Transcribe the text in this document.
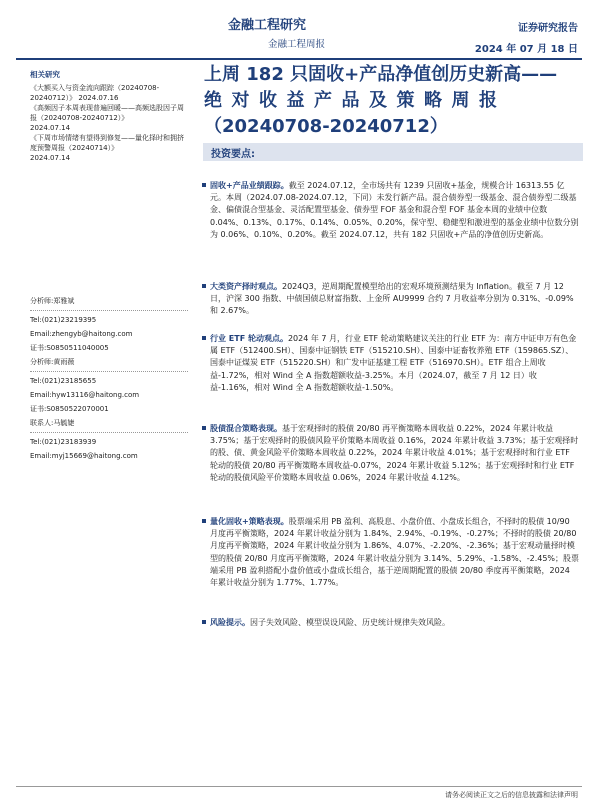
金融工程研究
金融工程周报
证券研究报告
2024 年 07 月 18 日
上周 182 只固收+产品净值创历史新高——
绝对收益产品及策略周报
（20240708-20240712）
相关研究
《大额买入与资金流向跟踪（20240708-20240712）》 2024.07.16
《高频因子本周表现普遍回暖——高频选股因子周报（20240708-20240712）》
2024.07.14
《下周市场情绪有望得到修复——量化择时和拥挤度预警周报（20240714）》
2024.07.14
分析师:郑雅斌
Tel:(021)23219395
Email:zhengyb@haitong.com
证书:S0850511040005
分析师:黄雨薇
Tel:(021)23185655
Email:hyw13116@haitong.com
证书:S0850522070001
联系人:马毓婕
Tel:(021)23183939
Email:myj15669@haitong.com
投资要点:
固收+产品业绩跟踪。截至 2024.07.12，全市场共有 1239 只固收+基金，规模合计 16313.55 亿元。本周（2024.07.08-2024.07.12，下同）未发行新产品。混合债券型一级基金、混合债券型二级基金、偏债混合型基金、灵活配置型基金、债券型 FOF 基金和混合型 FOF 基金本周的业绩中位数 0.04%、0.13%、0.17%、0.14%、0.05%、0.20%，保守型、稳健型和激进型的基金业绩中位数分别为 0.06%、0.10%、0.20%。截至 2024.07.12，共有 182 只固收+产品的净值创历史新高。
大类资产择时观点。2024Q3，逆周期配置模型给出的宏观环境预测结果为 Inflation。截至 7 月 12 日，沪深 300 指数、中债国债总财富指数、上金所 AU9999 合约 7 月收益率分别为 0.31%、-0.09%和 2.67%。
行业 ETF 轮动观点。2024 年 7 月，行业 ETF 轮动策略建议关注的行业 ETF 为：南方中证申万有色金属 ETF（512400.SH）、国泰中证钢铁 ETF（515210.SH）、国泰中证畜牧养殖 ETF（159865.SZ）、国泰中证煤炭 ETF（515220.SH）和广发中证基建工程 ETF（516970.SH）。ETF 组合上周收益-1.72%，相对 Wind 全 A 指数超额收益-3.25%。本月（2024.07，截至 7 月 12 日）收益-1.16%，相对 Wind 全 A 指数超额收益-1.50%。
股债混合策略表现。基于宏观择时的股债 20/80 再平衡策略本周收益 0.22%，2024 年累计收益 3.75%；基于宏观择时的股债风险平价策略本周收益 0.16%，2024 年累计收益 3.73%；基于宏观择时的股、债、黄金风险平价策略本周收益 0.22%，2024 年累计收益 4.01%；基于宏观择时和行业 ETF 轮动的股债 20/80 再平衡策略本周收益-0.07%，2024 年累计收益 5.12%；基于宏观择时和行业 ETF 轮动的股债风险平价策略本周收益 0.06%，2024 年累计收益 4.12%。
量化固收+策略表现。股票端采用 PB 盈利、高股息、小盘价值、小盘成长组合，不择时的股债 10/90 月度再平衡策略，2024 年累计收益分别为 1.84%、2.94%、-0.19%、-0.27%；不择时的股债 20/80 月度再平衡策略，2024 年累计收益分别为 1.86%、4.07%、-2.20%、-2.36%；基于宏观动量择时模型的股债 20/80 月度再平衡策略，2024 年累计收益分别为 3.14%、5.29%、-1.58%、-2.45%；股票端采用 PB 盈利搭配小盘价值或小盘成长组合，基于逆周期配置的股债 20/80 季度再平衡策略，2024 年累计收益分别为 1.77%、1.77%。
风险提示。因子失效风险、模型误设风险、历史统计规律失效风险。
请务必阅读正文之后的信息披露和法律声明
